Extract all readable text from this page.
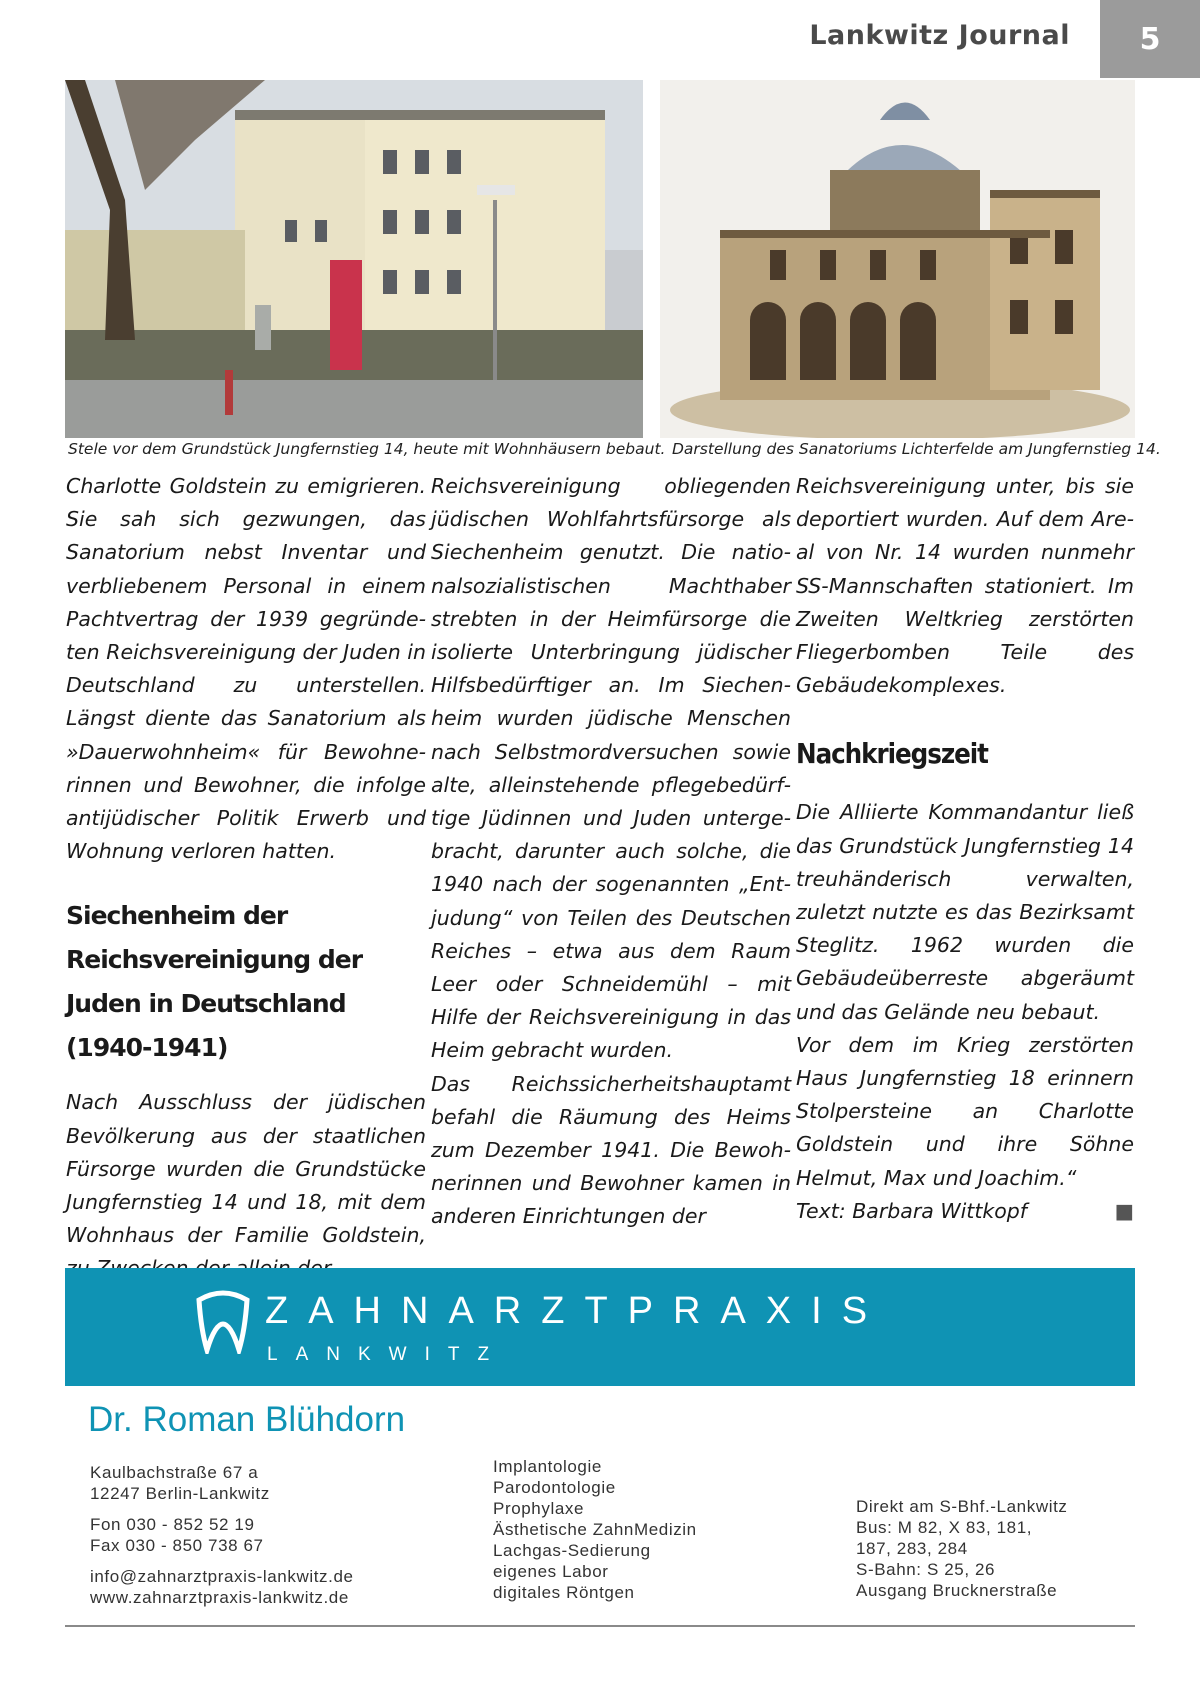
Lankwitz Journal	5
Stele vor dem Grundstück Jungfernstieg 14, heute mit Wohnhäusern bebaut. Darstellung des Sanatoriums Lichterfelde am Jungfernstieg 14.

Charlotte Goldstein zu emigrieren. Sie sah sich gezwungen, das Sanatorium nebst Inventar und verbliebenem Personal in einem Pachtvertrag der 1939 gegründeten Reichsvereinigung der Juden in Deutschland zu unterstellen. Längst diente das Sanatorium als »Dauerwohnheim« für Bewohnerinnen und Bewohner, die infolge antijüdischer Politik Erwerb und Wohnung verloren hatten.

Siechenheim der Reichsvereinigung der Juden in Deutschland (1940-1941)

Nach Ausschluss der jüdischen Bevölkerung aus der staatlichen Fürsorge wurden die Grundstücke Jungfernstieg 14 und 18, mit dem Wohnhaus der Familie Goldstein,

Reichsvereinigung obliegenden jüdischen Wohlfahrtsfürsorge als Siechenheim genutzt. Die nationalsozialistischen Machthaber strebten in der Heimfürsorge die isolierte Unterbringung jüdischer Hilfsbedürftiger an. Im Siechenheim wurden jüdische Menschen nach Selbstmordversuchen sowie alte, alleinstehende pflegebedürftige Jüdinnen und Juden untergebracht, darunter auch solche, die 1940 nach der sogenannten „Entjudung“ von Teilen des Deutschen Reiches – etwa aus dem Raum Leer oder Schneidemühl – mit Hilfe der Reichsvereinigung in das Heim gebracht wurden.

Das Reichssicherheitshauptamt befahl die Räumung des Heims zum Dezember 1941. Die Bewohnerinnen und Bewohner kamen in anderen Einrichtungen der

Reichsvereinigung unter, bis sie deportiert wurden. Auf dem Areal von Nr. 14 wurden nunmehr SS-Mannschaften stationiert. Im Zweiten Weltkrieg zerstörten Fliegerbomben Teile des Gebäudekomplexes.

Nachkriegszeit

Die Alliierte Kommandantur ließ das Grundstück Jungfernstieg 14 treuhänderisch verwalten, zuletzt nutzte es das Bezirksamt Steglitz. 1962 wurden die Gebäudeüberreste abgeräumt und das Gelände neu bebaut.

Vor dem im Krieg zerstörten Haus Jungfernstieg 18 erinnern Stolpersteine an Charlotte Goldstein und ihre Söhne Helmut, Max und Joachim.“

Text: Barbara Wittkopf	■

ZAHNARZTPRAXIS
LANKWITZ
Dr. Roman Blühdorn
Kaulbachstraße 67 a
12247 Berlin-Lankwitz
Fon 030 - 852 52 19
Fax 030 - 850 738 67
info@zahnarztpraxis-lankwitz.de
www.zahnarztpraxis-lankwitz.de
Implantologie
Parodontologie
Prophylaxe
Ästhetische ZahnMedizin
Lachgas-Sedierung
eigenes Labor
digitales Röntgen
Direkt am S-Bhf.-Lankwitz
Bus: M 82, X 83, 181,
187, 283, 284
S-Bahn: S 25, 26
Ausgang Brucknerstraße
